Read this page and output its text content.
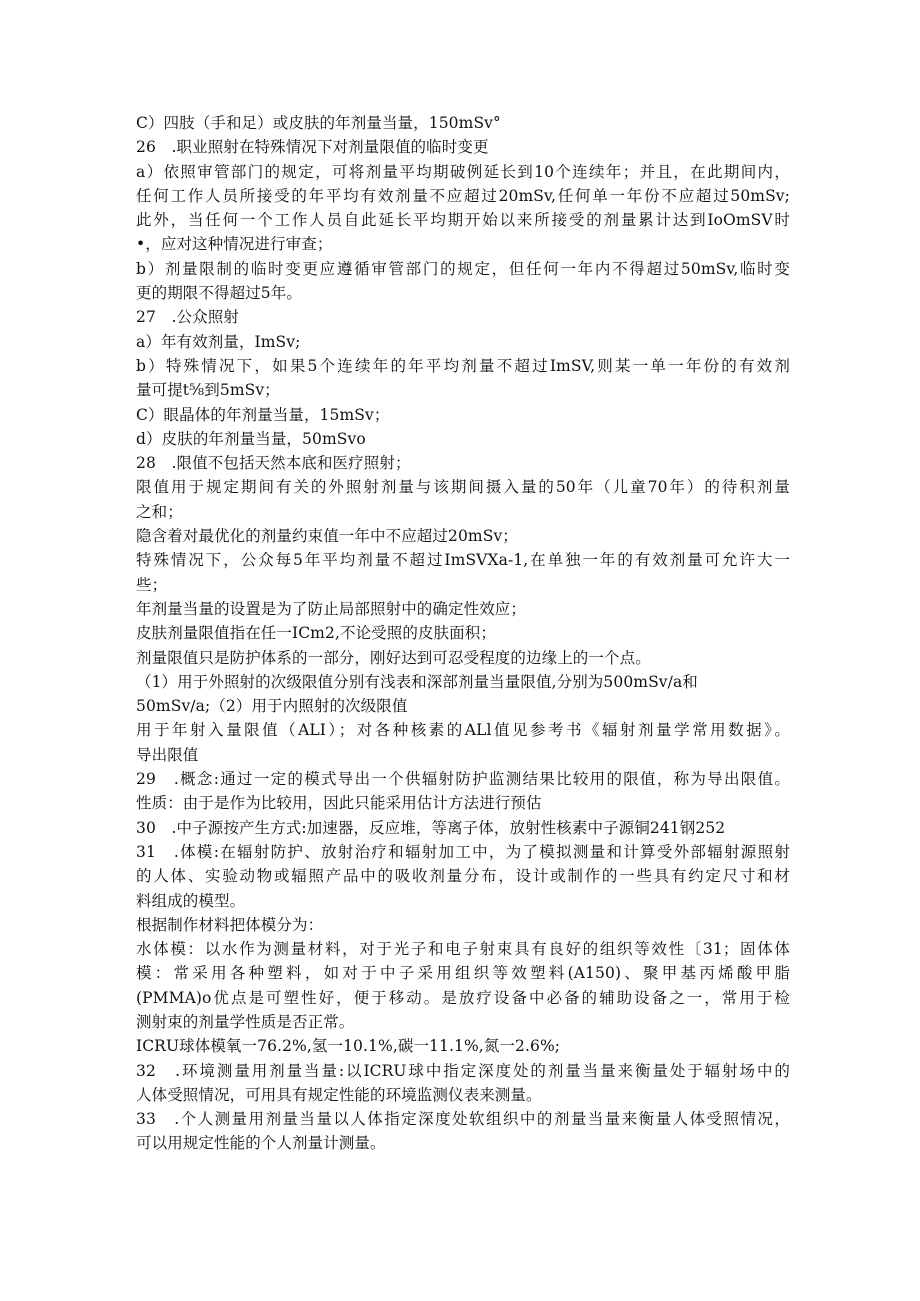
C）四肢（手和足）或皮肤的年剂量当量，150mSv°

26　.职业照射在特殊情况下对剂量限值的临时变更

a）依照审管部门的规定，可将剂量平均期破例延长到10个连续年；并且，在此期间内，

任何工作人员所接受的年平均有效剂量不应超过20mSv,任何单一年份不应超过50mSv;

此外，当任何一个工作人员自此延长平均期开始以来所接受的剂量累计达到IoOmSV时

•，应对这种情况进行审查；

b）剂量限制的临时变更应遵循审管部门的规定，但任何一年内不得超过50mSv,临时变

更的期限不得超过5年。

27　.公众照射

a）年有效剂量，ImSv;

b）特殊情况下，如果5个连续年的年平均剂量不超过ImSV,则某一单一年份的有效剂

量可提t⅝到5mSv；

C）眼晶体的年剂量当量，15mSv；

d）皮肤的年剂量当量，50mSvo

28　.限值不包括天然本底和医疗照射；

限值用于规定期间有关的外照射剂量与该期间摄入量的50年（儿童70年）的待积剂量

之和；

隐含着对最优化的剂量约束值一年中不应超过20mSv；

特殊情况下，公众每5年平均剂量不超过ImSVXa-1,在单独一年的有效剂量可允许大一

些；

年剂量当量的设置是为了防止局部照射中的确定性效应；

皮肤剂量限值指在任一ICm2,不论受照的皮肤面积；

剂量限值只是防护体系的一部分，刚好达到可忍受程度的边缘上的一个点。

（1）用于外照射的次级限值分别有浅表和深部剂量当量限值,分别为500mSv∕a和

50mSv∕a;（2）用于内照射的次级限值

用于年射入量限值（ALI）；对各种核素的ALl值见参考书《辐射剂量学常用数据》。

导出限值

29　.概念:通过一定的模式导出一个供辐射防护监测结果比较用的限值，称为导出限值。

性质：由于是作为比较用，因此只能采用估计方法进行预估

30　.中子源按产生方式:加速器，反应堆，等离子体，放射性核素中子源铜241钢252

31　.体模:在辐射防护、放射治疗和辐射加工中，为了模拟测量和计算受外部辐射源照射

的人体、实验动物或辐照产品中的吸收剂量分布，设计或制作的一些具有约定尺寸和材

料组成的模型。

根据制作材料把体模分为：

水体模：以水作为测量材料，对于光子和电子射束具有良好的组织等效性〔31；固体体

模：常采用各种塑料，如对于中子采用组织等效塑料(A150)、聚甲基丙烯酸甲脂

(PMMA)o优点是可塑性好，便于移动。是放疗设备中必备的辅助设备之一，常用于检

测射束的剂量学性质是否正常。

ICRU球体模氧一76.2%,氢一10.1%,碳一11.1%,氮一2.6%;

32　.环境测量用剂量当量:以ICRU球中指定深度处的剂量当量来衡量处于辐射场中的

人体受照情况，可用具有规定性能的环境监测仪表来测量。

33　.个人测量用剂量当量以人体指定深度处软组织中的剂量当量来衡量人体受照情况，

可以用规定性能的个人剂量计测量。
